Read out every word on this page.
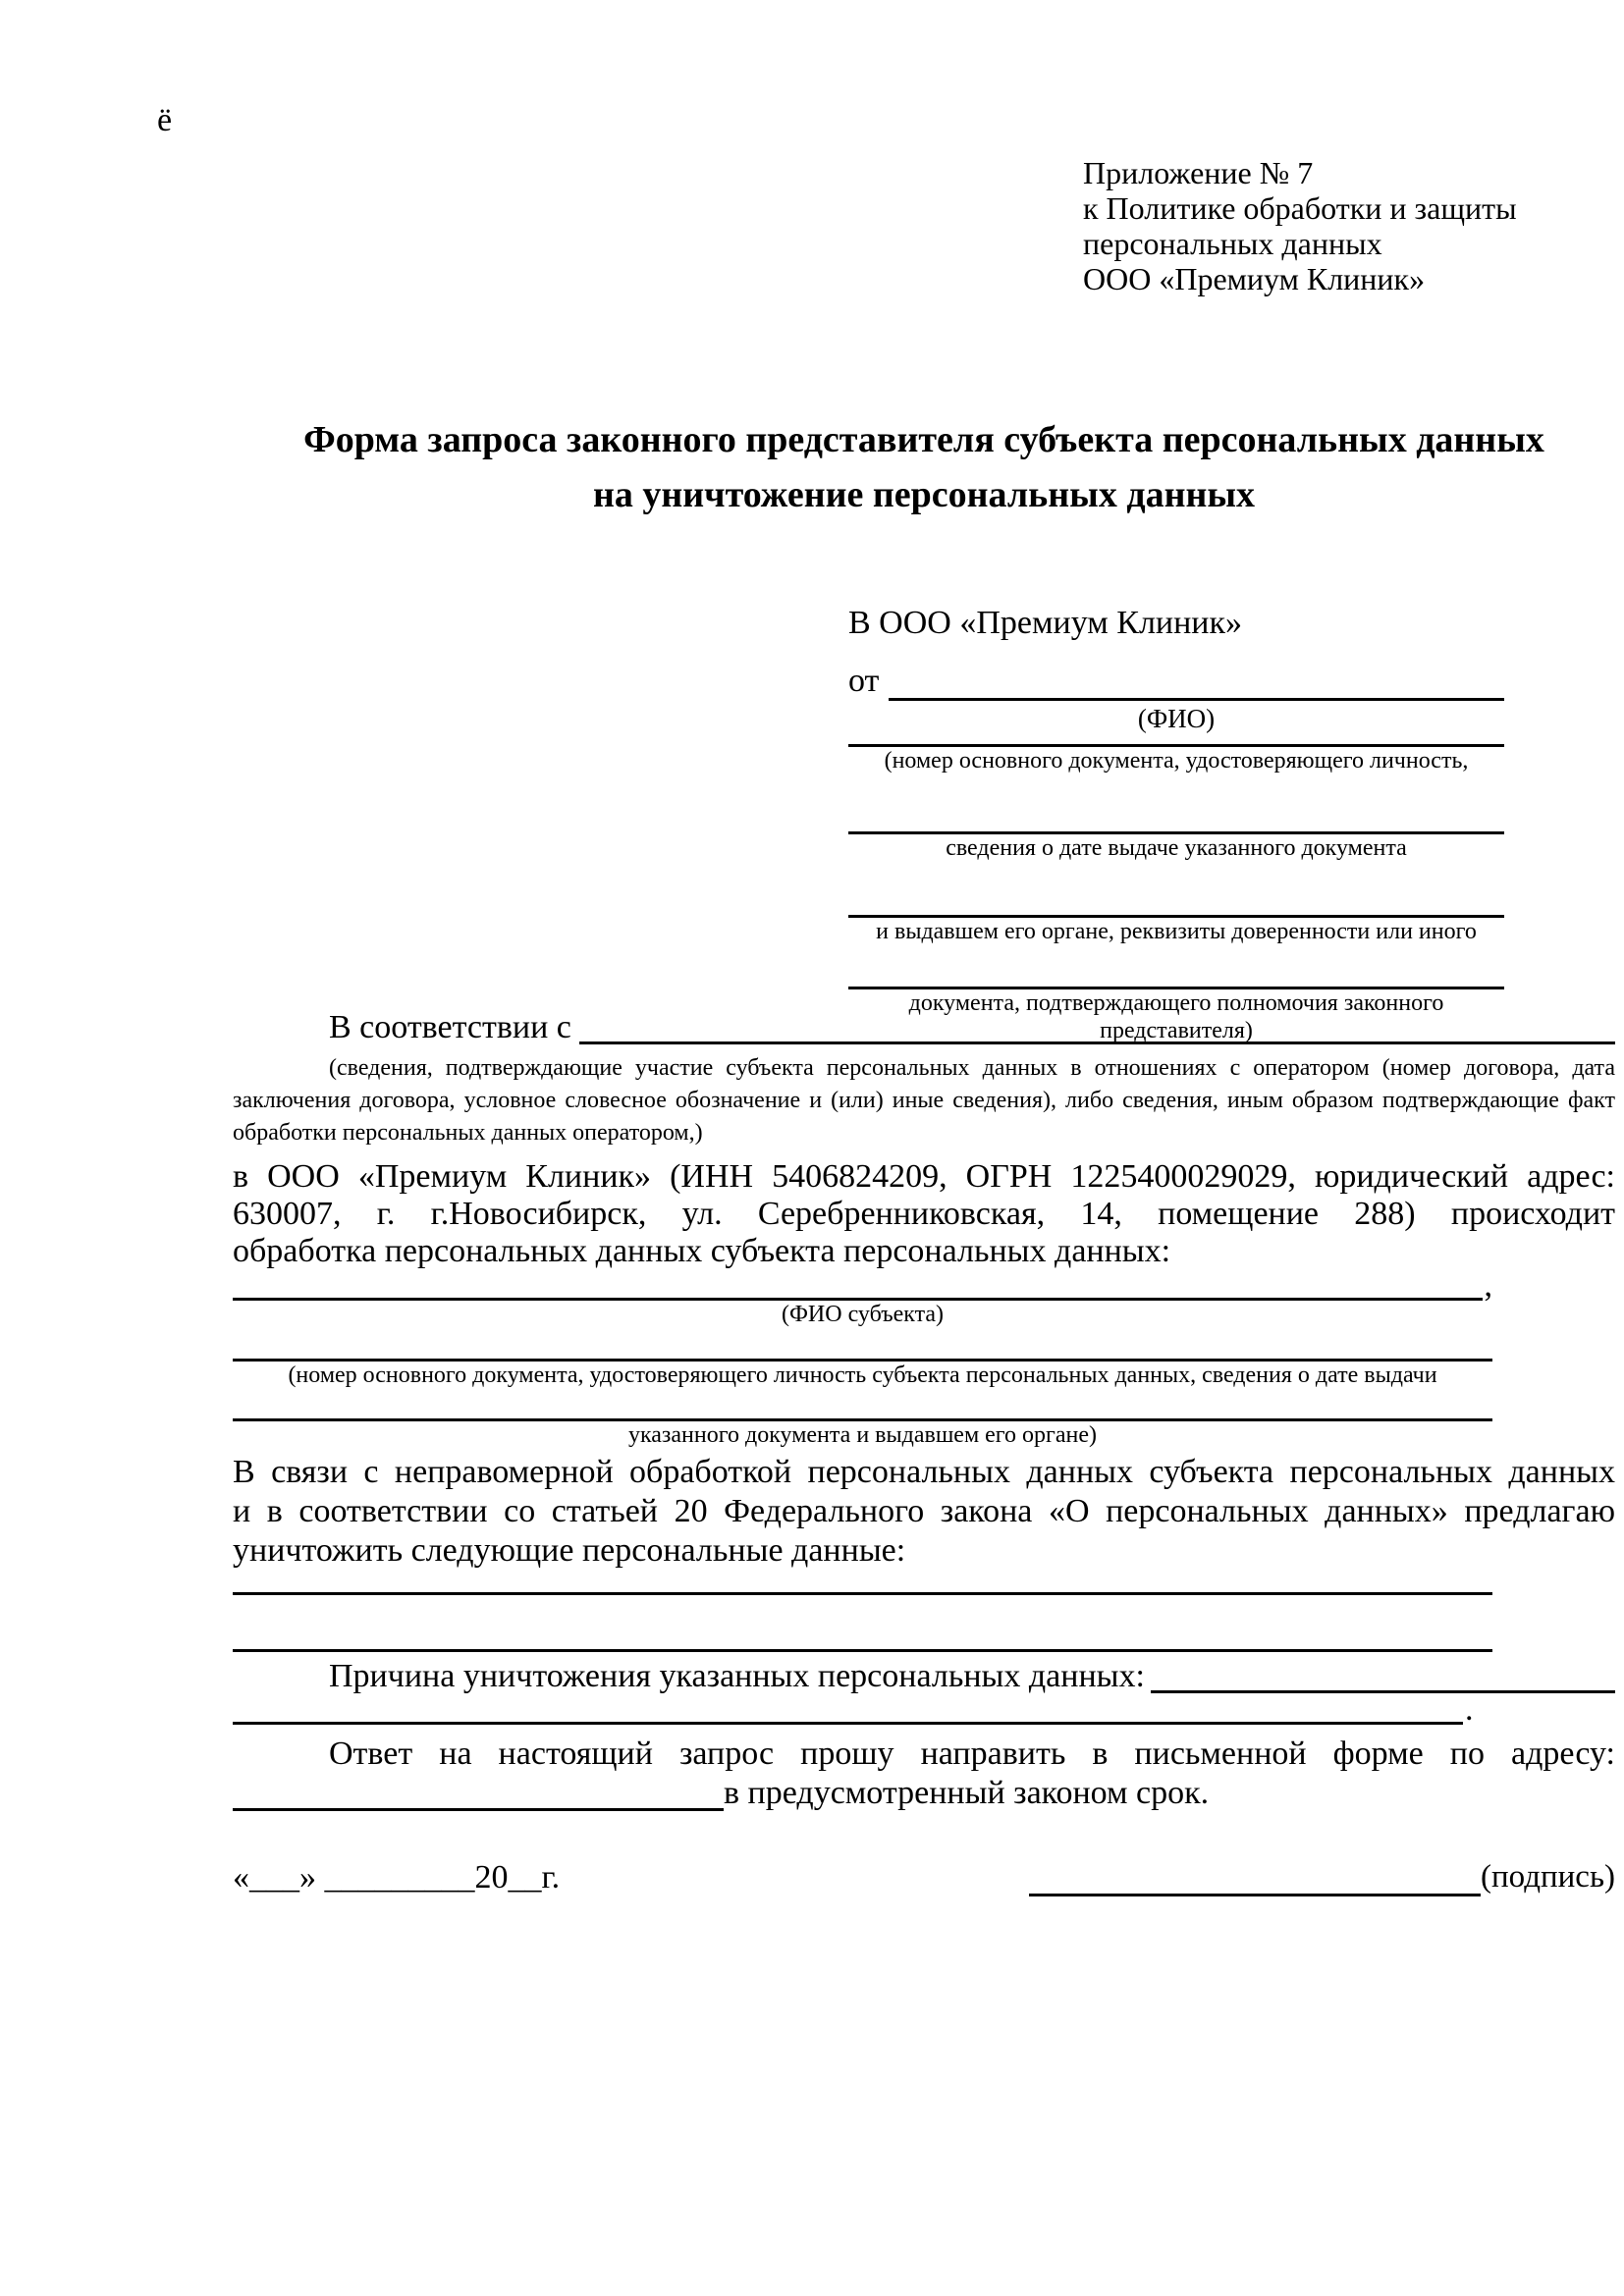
ё
Приложение № 7
к Политике обработки и защиты
персональных данных
ООО «Премиум Клиник»
Форма запроса законного представителя субъекта персональных данных
на уничтожение персональных данных
В ООО «Премиум Клиник»
от
(ФИО)
(номер основного документа, удостоверяющего личность,
сведения о дате выдаче указанного документа
и выдавшем его органе, реквизиты доверенности или иного
документа, подтверждающего полномочия законного представителя)
В соответствии с
(сведения, подтверждающие участие субъекта персональных данных в отношениях с оператором (номер договора, дата
заключения договора, условное словесное обозначение и (или) иные сведения), либо сведения, иным образом подтверждающие факт
обработки персональных данных оператором,)
в ООО «Премиум Клиник» (ИНН 5406824209, ОГРН 1225400029029, юридический адрес:
630007, г. г.Новосибирск, ул. Серебренниковская, 14, помещение 288) происходит
обработка персональных данных субъекта персональных данных:
,
(ФИО субъекта)
(номер основного документа, удостоверяющего личность субъекта персональных данных, сведения о дате выдачи
указанного документа и выдавшем его органе)
В связи с неправомерной обработкой персональных данных субъекта персональных данных
и в соответствии со статьей 20 Федерального закона «О персональных данных» предлагаю
уничтожить следующие персональные данные:
Причина уничтожения указанных персональных данных:
.
Ответ на настоящий запрос прошу направить в письменной форме по адресу:
в предусмотренный законом срок.
«___» _________20__г.	(подпись)
